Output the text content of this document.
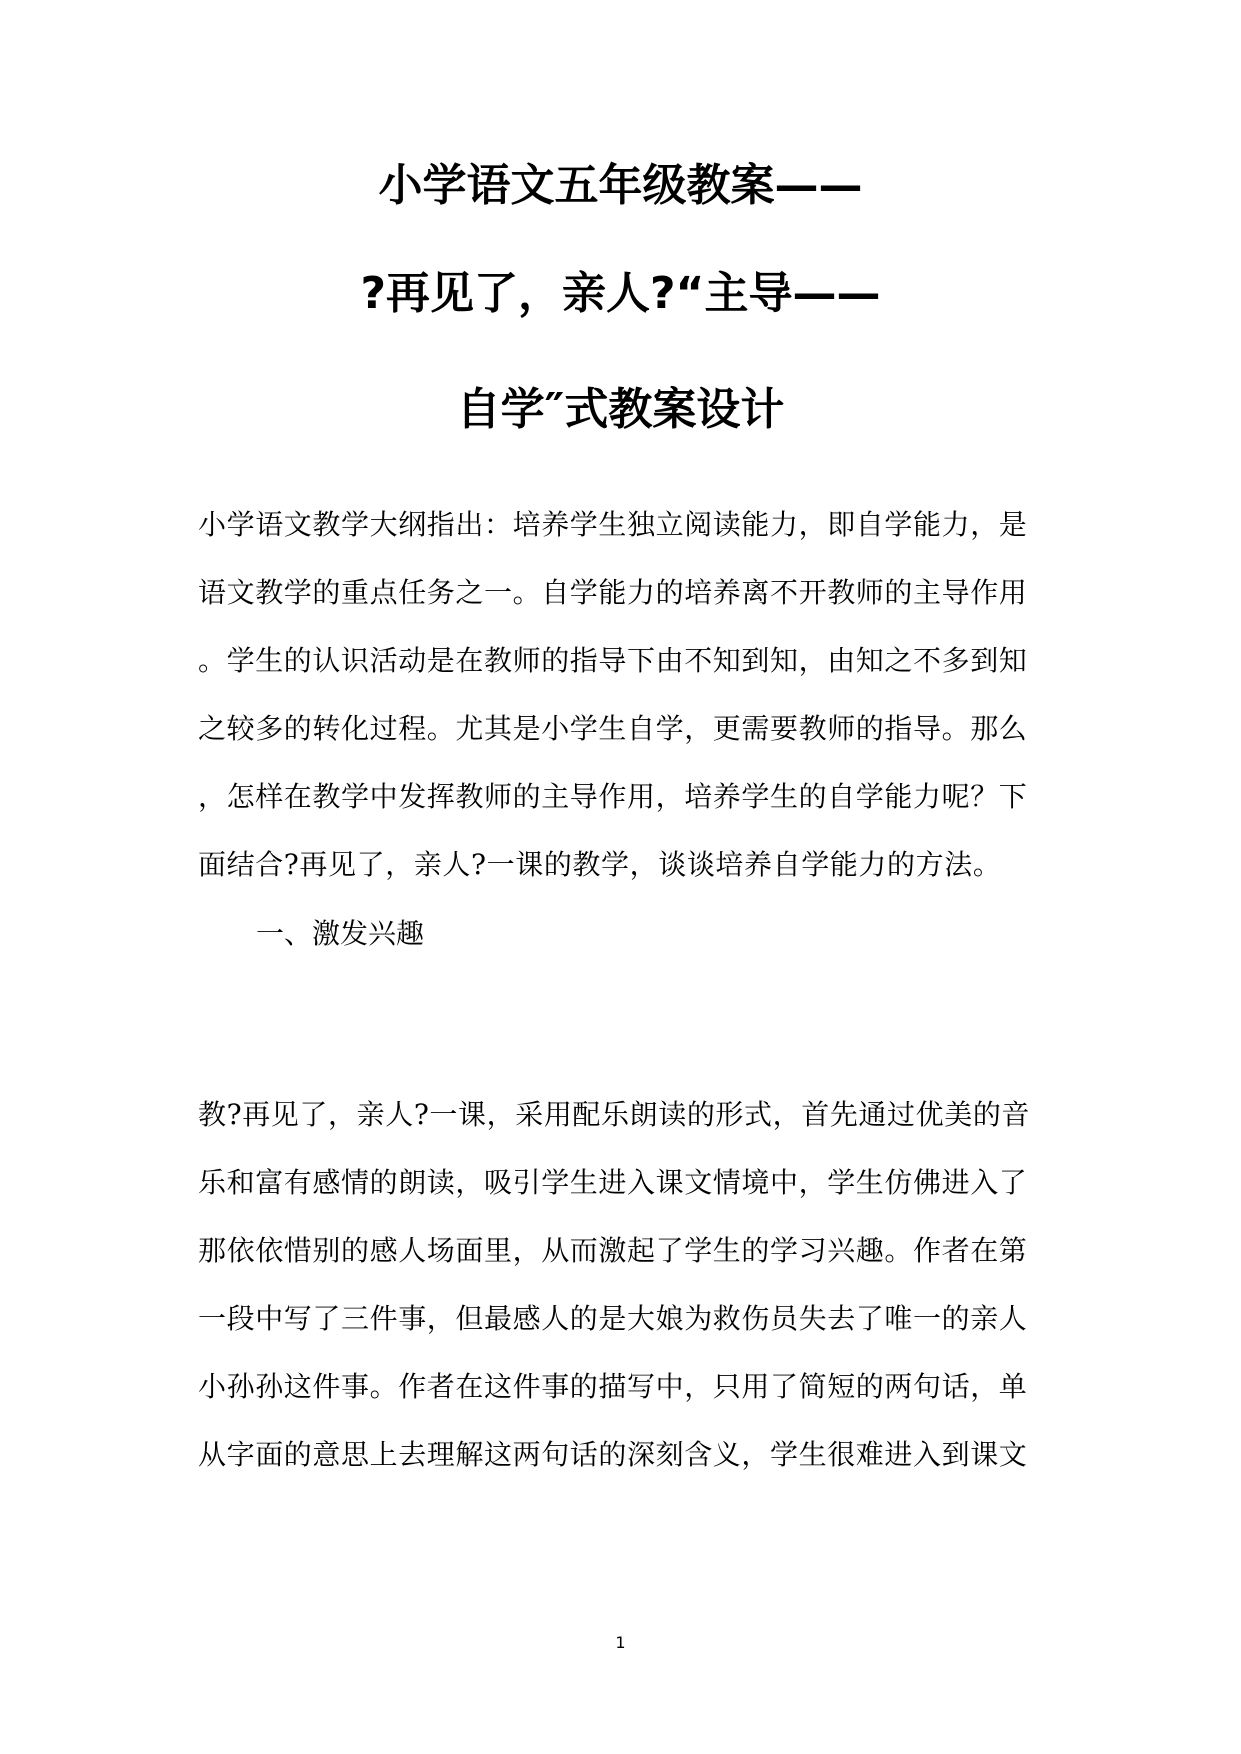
小学语文五年级教案——
?再见了，亲人?“主导——
自学″式教案设计
小学语文教学大纲指出：培养学生独立阅读能力，即自学能力，是
语文教学的重点任务之一。自学能力的培养离不开教师的主导作用
。学生的认识活动是在教师的指导下由不知到知，由知之不多到知
之较多的转化过程。尤其是小学生自学，更需要教师的指导。那么
，怎样在教学中发挥教师的主导作用，培养学生的自学能力呢？下
面结合?再见了，亲人?一课的教学，谈谈培养自学能力的方法。
一、激发兴趣
教?再见了，亲人?一课，采用配乐朗读的形式，首先通过优美的音
乐和富有感情的朗读，吸引学生进入课文情境中，学生仿佛进入了
那依依惜别的感人场面里，从而激起了学生的学习兴趣。作者在第
一段中写了三件事，但最感人的是大娘为救伤员失去了唯一的亲人
小孙孙这件事。作者在这件事的描写中，只用了简短的两句话，单
从字面的意思上去理解这两句话的深刻含义，学生很难进入到课文
1
